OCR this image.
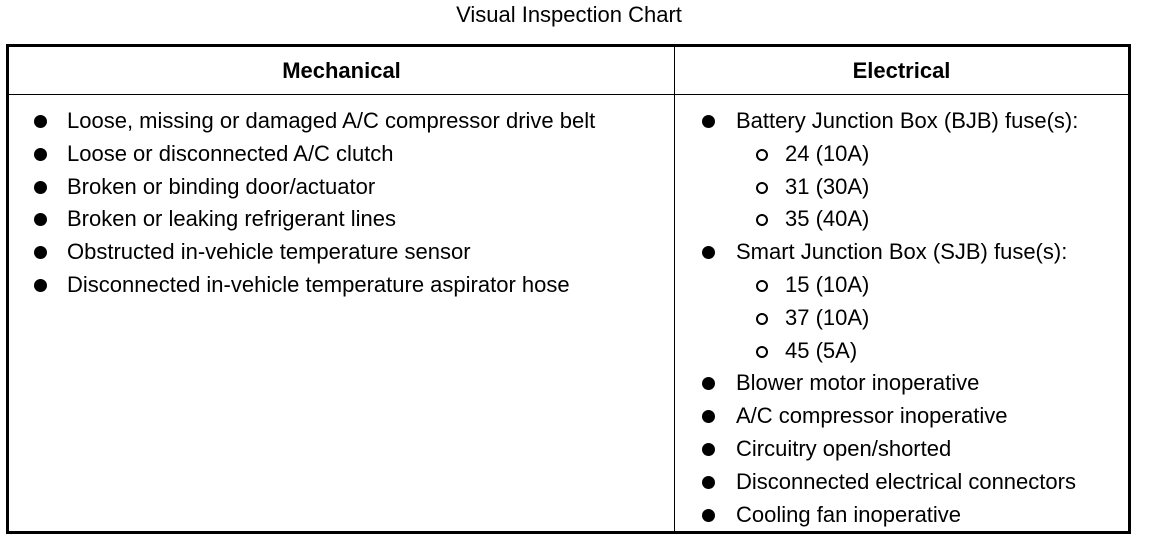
Visual Inspection Chart
Mechanical	Electrical
Loose, missing or damaged A/C compressor drive belt
Loose or disconnected A/C clutch
Broken or binding door/actuator
Broken or leaking refrigerant lines
Obstructed in-vehicle temperature sensor
Disconnected in-vehicle temperature aspirator hose
Battery Junction Box (BJB) fuse(s):
24 (10A)
31 (30A)
35 (40A)
Smart Junction Box (SJB) fuse(s):
15 (10A)
37 (10A)
45 (5A)
Blower motor inoperative
A/C compressor inoperative
Circuitry open/shorted
Disconnected electrical connectors
Cooling fan inoperative
